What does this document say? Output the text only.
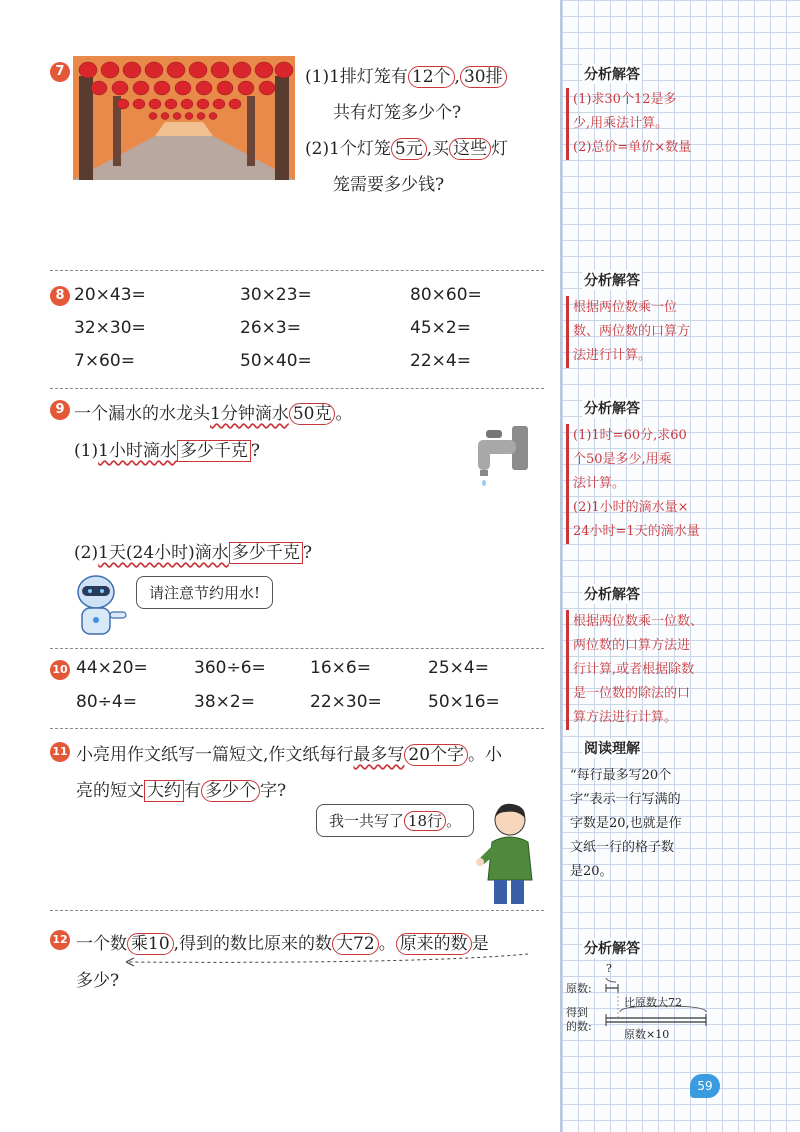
7	(1)1排灯笼有 12个 , 30排
共有灯笼多少个?
(2)1个灯笼 5元 ,买 这些 灯
笼需要多少钱?
8 20×43=	30×23=	80×60=
32×30=	26×3=	45×2=
7×60=	50×40=	22×4=
9 一个漏水的水龙头1分钟滴水 50克 。
(1)1小时滴水 多少千克 ?
(2)1天(24小时)滴水 多少千克 ?
请注意节约用水!
10 44×20=	360÷6=	16×6=	25×4=
80÷4=	38×2=	22×30=	50×16=
11 小亮用作文纸写一篇短文,作文纸每行最多写 20个字 。小
亮的短文 大约 有 多少个 字?
我一共写了 18行 。
12 一个数 乘10 ,得到的数比原来的数 大72 。 原来的数 是
多少?
分析解答
(1)求30个12是多
少,用乘法计算。
(2)总价=单价×数量
分析解答
根据两位数乘一位
数、两位数的口算方
法进行计算。
分析解答
(1)1时=60分,求60
个50是多少,用乘
法计算。
(2)1小时的滴水量×
24小时=1天的滴水量
分析解答
根据两位数乘一位数、
两位数的口算方法进
行计算,或者根据除数
是一位数的除法的口
算方法进行计算。
阅读理解
“每行最多写20个
字”表示一行写满的
字数是20,也就是作
文纸一行的格子数
是20。
分析解答
?
原数:
得到
的数:
比原数大72
原数×10
59
